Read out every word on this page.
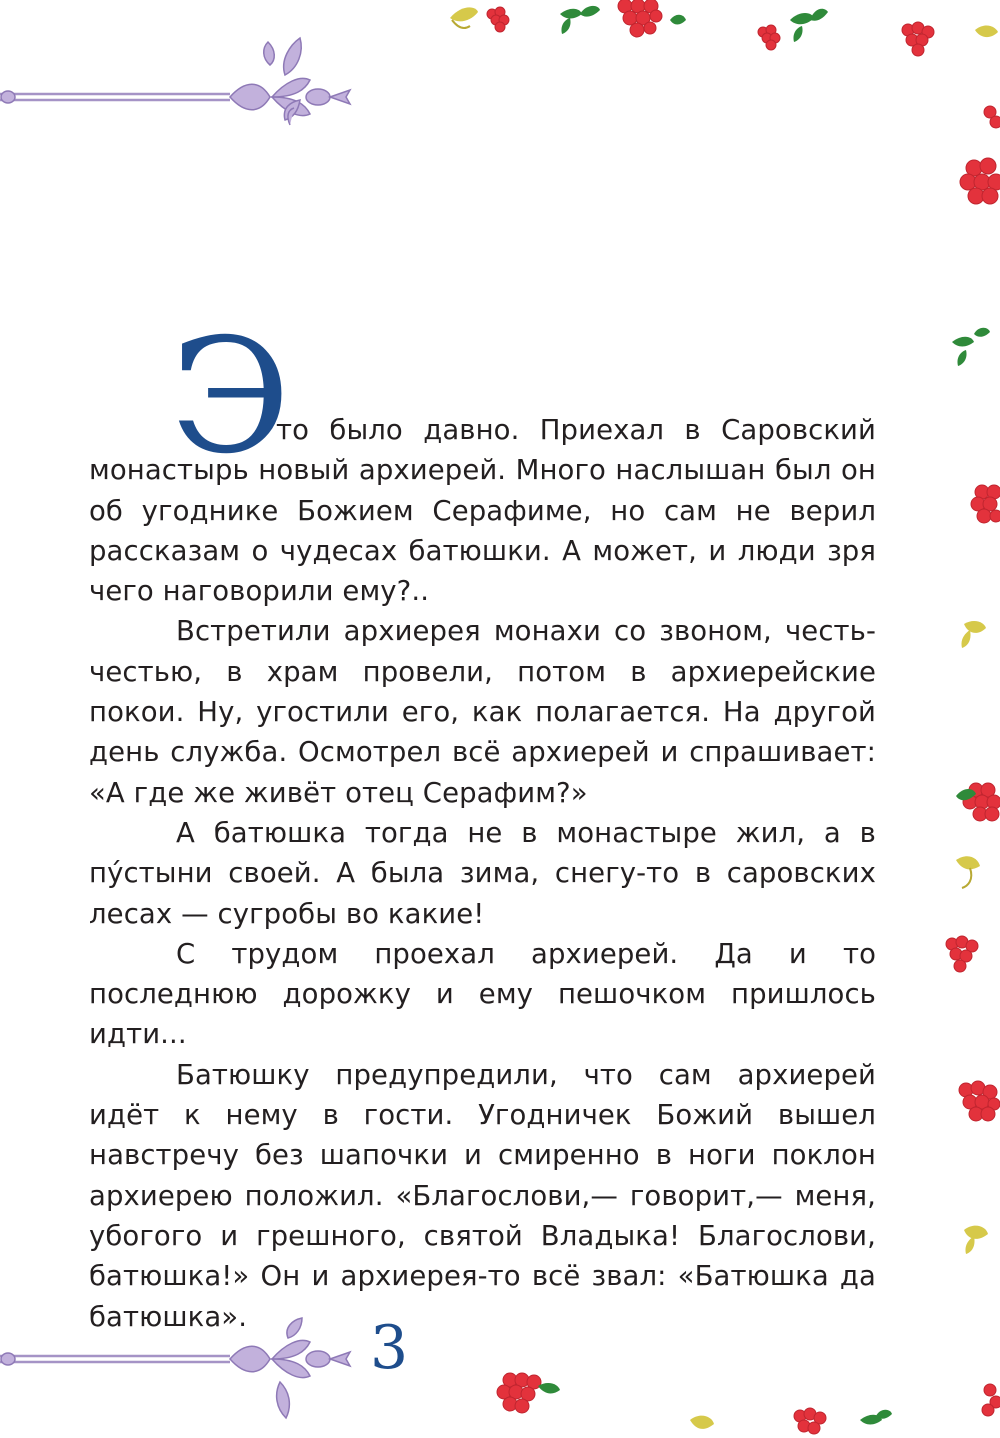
Э

то было давно. Приехал в Саровский
монастырь новый архиерей. Много наслышан был он об угоднике Божием Серафиме, но сам не верил рассказам о чудесах батюшки. А может, и люди зря чего наговорили ему?..

Встретили архиерея монахи со звоном, честь-честью, в храм провели, потом в архиерейские покои. Ну, угостили его, как полагается. На другой день служба. Осмотрел всё архиерей и спрашивает: «А где же живёт отец Серафим?»

А батюшка тогда не в монастыре жил, а в пу́стыни своей. А была зима, снегу-то в саровских лесах — сугробы во какие!

С трудом проехал архиерей. Да и то последнюю дорожку и ему пешочком пришлось идти...

Батюшку предупредили, что сам архиерей идёт к нему в гости. Угодничек Божий вышел навстречу без шапочки и смиренно в ноги поклон архиерею положил. «Благослови,— говорит,— меня, убогого и грешного, святой Владыка! Благослови, батюшка!» Он и архиерея-то всё звал: «Батюшка да батюшка».	3
